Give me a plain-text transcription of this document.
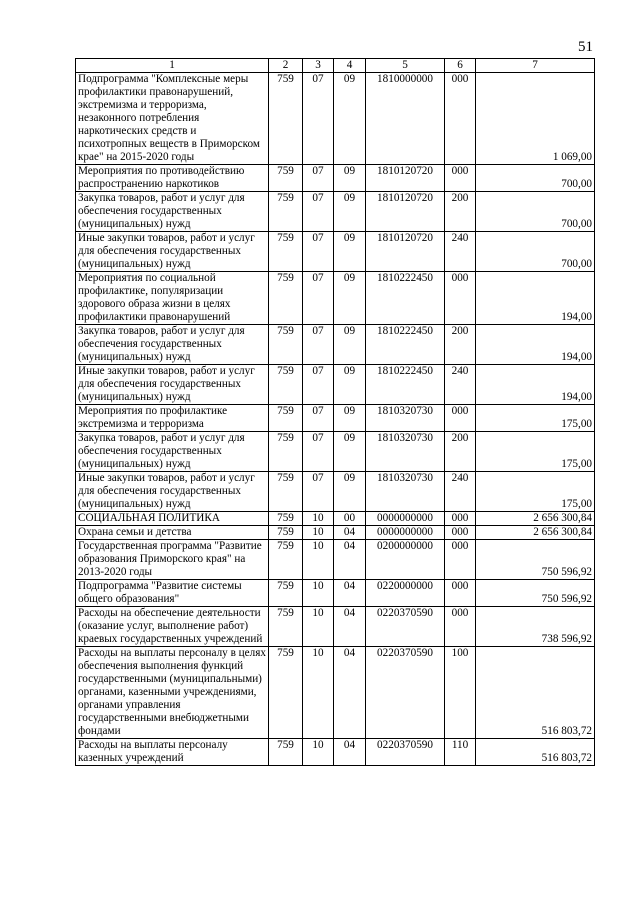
51
1	2	3	4	5	6	7
Подпрограмма "Комплексные меры профилактики правонарушений, экстремизма и терроризма, незаконного потребления наркотических средств и психотропных веществ в Приморском крае" на 2015-2020 годы	759	07	09	1810000000	000	1 069,00
Мероприятия по противодействию распространению наркотиков	759	07	09	1810120720	000	700,00
Закупка товаров, работ и услуг для обеспечения государственных (муниципальных) нужд	759	07	09	1810120720	200	700,00
Иные закупки товаров, работ и услуг для обеспечения государственных (муниципальных) нужд	759	07	09	1810120720	240	700,00
Мероприятия по социальной профилактике, популяризации здорового образа жизни в целях профилактики правонарушений	759	07	09	1810222450	000	194,00
Закупка товаров, работ и услуг для обеспечения государственных (муниципальных) нужд	759	07	09	1810222450	200	194,00
Иные закупки товаров, работ и услуг для обеспечения государственных (муниципальных) нужд	759	07	09	1810222450	240	194,00
Мероприятия по профилактике экстремизма и терроризма	759	07	09	1810320730	000	175,00
Закупка товаров, работ и услуг для обеспечения государственных (муниципальных) нужд	759	07	09	1810320730	200	175,00
Иные закупки товаров, работ и услуг для обеспечения государственных (муниципальных) нужд	759	07	09	1810320730	240	175,00
СОЦИАЛЬНАЯ ПОЛИТИКА	759	10	00	0000000000	000	2 656 300,84
Охрана семьи и детства	759	10	04	0000000000	000	2 656 300,84
Государственная программа "Развитие образования Приморского края" на 2013-2020 годы	759	10	04	0200000000	000	750 596,92
Подпрограмма "Развитие системы общего образования"	759	10	04	0220000000	000	750 596,92
Расходы на обеспечение деятельности (оказание услуг, выполнение работ) краевых государственных учреждений	759	10	04	0220370590	000	738 596,92
Расходы на выплаты персоналу в целях обеспечения выполнения функций государственными (муниципальными) органами, казенными учреждениями, органами управления государственными внебюджетными фондами	759	10	04	0220370590	100	516 803,72
Расходы на выплаты персоналу казенных учреждений	759	10	04	0220370590	110	516 803,72
